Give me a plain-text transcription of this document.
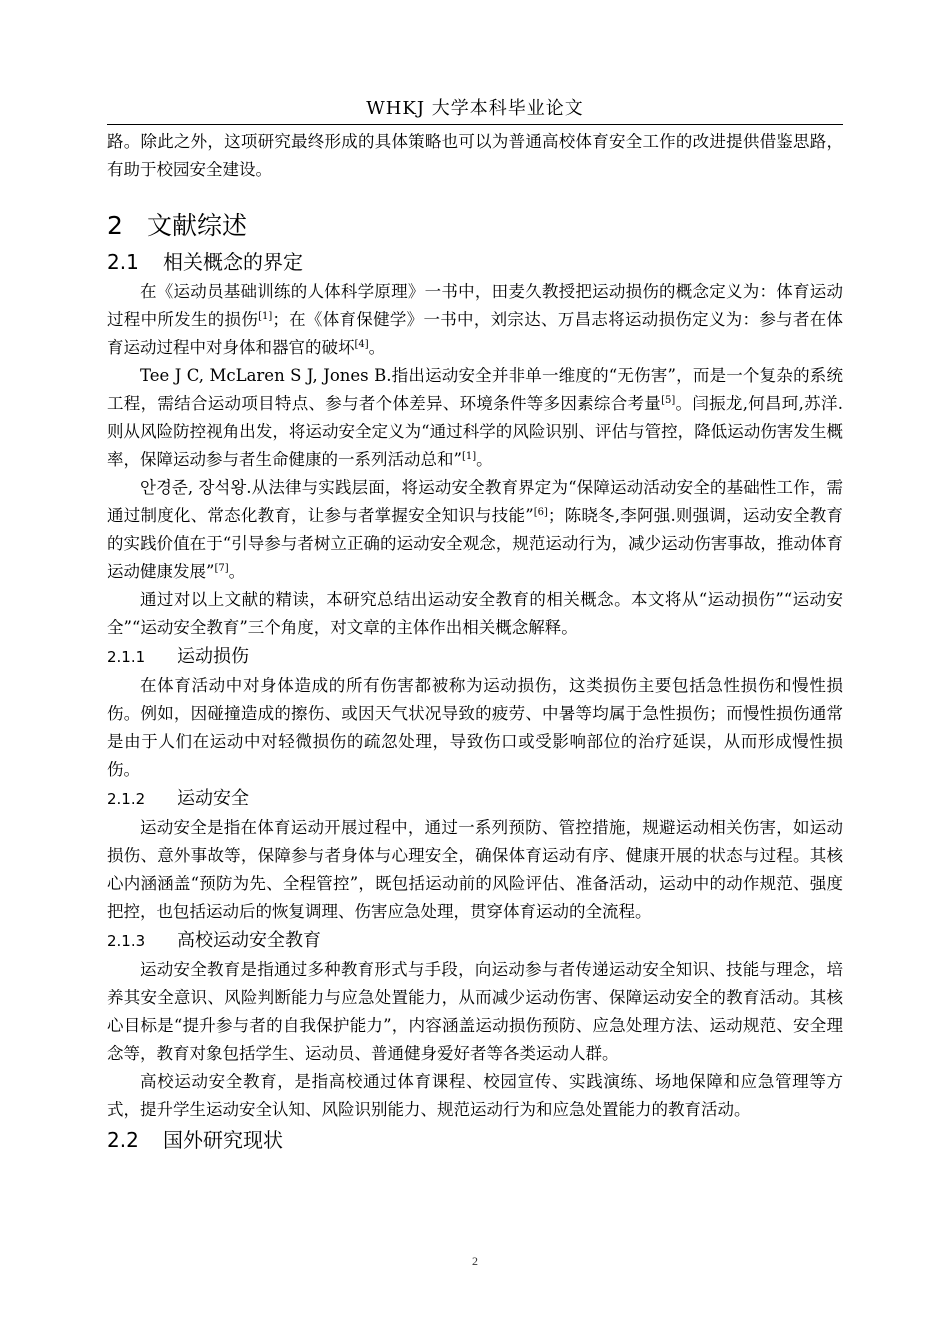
WHKJ 大学本科毕业论文

路。除此之外，这项研究最终形成的具体策略也可以为普通高校体育安全工作的改进提供借鉴思路，有助于校园安全建设。

2 文献综述
2.1 相关概念的界定

在《运动员基础训练的人体科学原理》一书中，田麦久教授把运动损伤的概念定义为：体育运动过程中所发生的损伤[1]；在《体育保健学》一书中，刘宗达、万昌志将运动损伤定义为：参与者在体育运动过程中对身体和器官的破坏[4]。

Tee J C, McLaren S J, Jones B.指出运动安全并非单一维度的“无伤害”，而是一个复杂的系统工程，需结合运动项目特点、参与者个体差异、环境条件等多因素综合考量[5]。闫振龙,何昌珂,苏洋.则从风险防控视角出发，将运动安全定义为“通过科学的风险识别、评估与管控，降低运动伤害发生概率，保障运动参与者生命健康的一系列活动总和”[1]。

안경준, 장석왕.从法律与实践层面，将运动安全教育界定为“保障运动活动安全的基础性工作，需通过制度化、常态化教育，让参与者掌握安全知识与技能”[6]；陈晓冬,李阿强.则强调，运动安全教育的实践价值在于“引导参与者树立正确的运动安全观念，规范运动行为，减少运动伤害事故，推动体育运动健康发展”[7]。

通过对以上文献的精读，本研究总结出运动安全教育的相关概念。本文将从“运动损伤”“运动安全”“运动安全教育”三个角度，对文章的主体作出相关概念解释。

2.1.1 运动损伤

在体育活动中对身体造成的所有伤害都被称为运动损伤，这类损伤主要包括急性损伤和慢性损伤。例如，因碰撞造成的擦伤、或因天气状况导致的疲劳、中暑等均属于急性损伤；而慢性损伤通常是由于人们在运动中对轻微损伤的疏忽处理，导致伤口或受影响部位的治疗延误，从而形成慢性损伤。

2.1.2 运动安全

运动安全是指在体育运动开展过程中，通过一系列预防、管控措施，规避运动相关伤害，如运动损伤、意外事故等，保障参与者身体与心理安全，确保体育运动有序、健康开展的状态与过程。其核心内涵涵盖“预防为先、全程管控”，既包括运动前的风险评估、准备活动，运动中的动作规范、强度把控，也包括运动后的恢复调理、伤害应急处理，贯穿体育运动的全流程。

2.1.3 高校运动安全教育

运动安全教育是指通过多种教育形式与手段，向运动参与者传递运动安全知识、技能与理念，培养其安全意识、风险判断能力与应急处置能力，从而减少运动伤害、保障运动安全的教育活动。其核心目标是“提升参与者的自我保护能力”，内容涵盖运动损伤预防、应急处理方法、运动规范、安全理念等，教育对象包括学生、运动员、普通健身爱好者等各类运动人群。

高校运动安全教育，是指高校通过体育课程、校园宣传、实践演练、场地保障和应急管理等方式，提升学生运动安全认知、风险识别能力、规范运动行为和应急处置能力的教育活动。

2.2 国外研究现状
2
